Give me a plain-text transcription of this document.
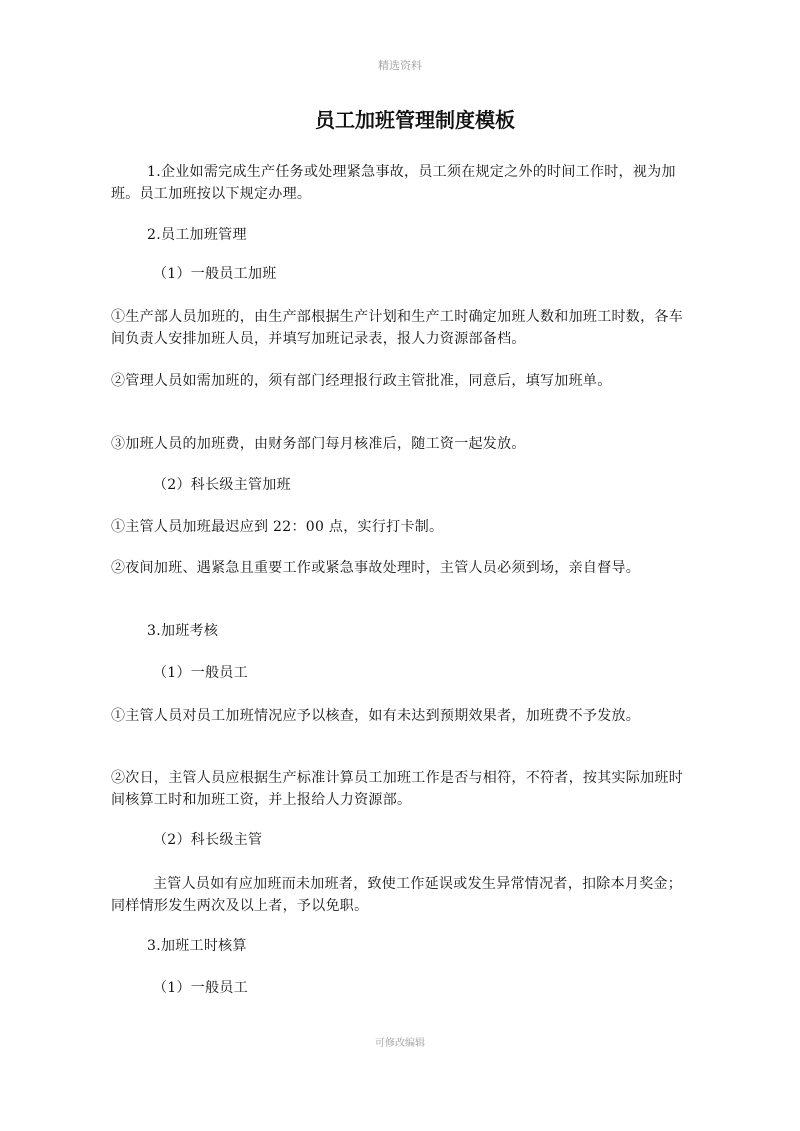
精选资料
员工加班管理制度模板

1.企业如需完成生产任务或处理紧急事故，员工须在规定之外的时间工作时，视为加班。员工加班按以下规定办理。

2.员工加班管理

（1）一般员工加班

①生产部人员加班的，由生产部根据生产计划和生产工时确定加班人数和加班工时数，各车间负责人安排加班人员，并填写加班记录表，报人力资源部备档。

②管理人员如需加班的，须有部门经理报行政主管批准，同意后，填写加班单。

③加班人员的加班费，由财务部门每月核准后，随工资一起发放。

（2）科长级主管加班

①主管人员加班最迟应到 22：00 点，实行打卡制。

②夜间加班、遇紧急且重要工作或紧急事故处理时，主管人员必须到场，亲自督导。

3.加班考核

（1）一般员工

①主管人员对员工加班情况应予以核查，如有未达到预期效果者，加班费不予发放。

②次日，主管人员应根据生产标准计算员工加班工作是否与相符，不符者，按其实际加班时间核算工时和加班工资，并上报给人力资源部。

（2）科长级主管

主管人员如有应加班而未加班者，致使工作延误或发生异常情况者，扣除本月奖金；同样情形发生两次及以上者，予以免职。

3.加班工时核算

（1）一般员工

可修改编辑
